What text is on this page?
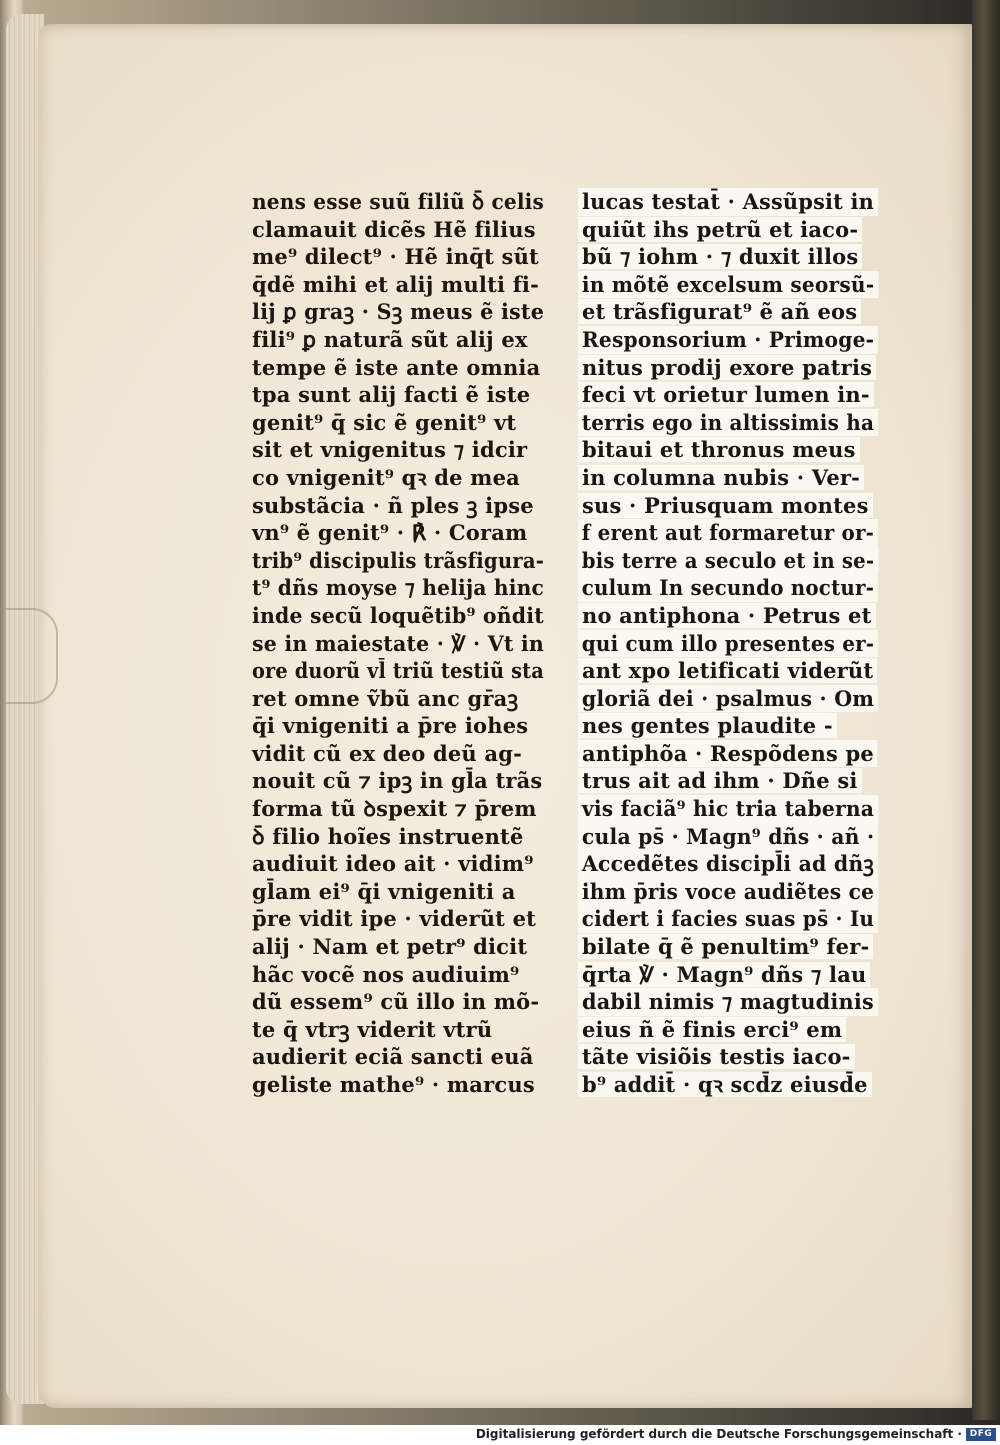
nens esse suũ filiũ ꝺ̄ celis
clamauit dicẽs Hẽ filius
me⁹ dilect⁹ · Hẽ inq̄t sũt
q̄dẽ mihi et alij multi fi-
lij ꝑ graꝫ · Sꝫ meus ẽ iste
fili⁹ ꝑ naturã sũt alij ex
tempe ẽ iste ante omnia
tpa sunt alij facti ẽ iste
genit⁹ q̄ sic ẽ genit⁹ vt
sit et vnigenitus ⁊ idcir
co vnigenit⁹ qꝛ de mea
substãcia · ñ ples ꝫ ipse
vn⁹ ẽ genit⁹ · ℟ · Coram
trib⁹ discipulis trãsfigura-
t⁹ dñs moyse ⁊ helija hinc
inde secũ loquẽtib⁹ oñdit
se in maiestate · ℣ · Vt in
ore duorũ vl̄ triũ testiũ sta
ret omne ṽbũ anc gr̄aꝫ
q̄i vnigeniti a p̄re iohes
vidit cũ ex deo deũ ag-
nouit cũ ⁊ ipꝫ in gl̄a trãs
forma tũ ꝺspexit ⁊ p̄rem
ꝺ̄ filio hoĩes instruentẽ
audiuit ideo ait · vidim⁹
gl̄am ei⁹ q̄i vnigeniti a
p̄re vidit ipe · viderũt et
alij · Nam et petr⁹ dicit
hãc vocẽ nos audiuim⁹
dũ essem⁹ cũ illo in mõ-
te q̄ vtrꝫ viderit vtrũ
audierit eciã sancti euã
geliste mathe⁹ · marcus
lucas testat̄ · Assũpsit in
quiũt ihs petrũ et iaco-
bũ ⁊ iohm · ⁊ duxit illos
in mõtẽ excelsum seorsũ-
et trãsfigurat⁹ ẽ añ eos
Responsorium · Primoge-
nitus prodij exore patris
feci vt orietur lumen in-
terris ego in altissimis ha
bitaui et thronus meus
in columna nubis · Ver-
sus · Priusquam montes
f erent aut formaretur or-
bis terre a seculo et in se-
culum In secundo noctur-
no antiphona · Petrus et
qui cum illo presentes er-
ant xpo letificati viderũt
gloriã dei · psalmus · Om
nes gentes plaudite -
antiphõa · Respõdens pe
trus ait ad ihm · Dñe si
vis faciã⁹ hic tria taberna
cula ps̄ · Magn⁹ dñs · añ ·
Accedẽtes discipl̄i ad dñꝫ
ihm p̄ris voce audiẽtes ce
cidert i facies suas ps̄ · Iu
bilate q̄ ẽ penultim⁹ fer-
q̄rta ℣ · Magn⁹ dñs ⁊ lau
dabil nimis ⁊ magtudinis
eius ñ ẽ finis erci⁹ em
tãte visiõis testis iaco-
b⁹ addit̄ · qꝛ scd̄z eiusd̄e
Digitalisierung gefördert durch die Deutsche Forschungsgemeinschaft · DFG
